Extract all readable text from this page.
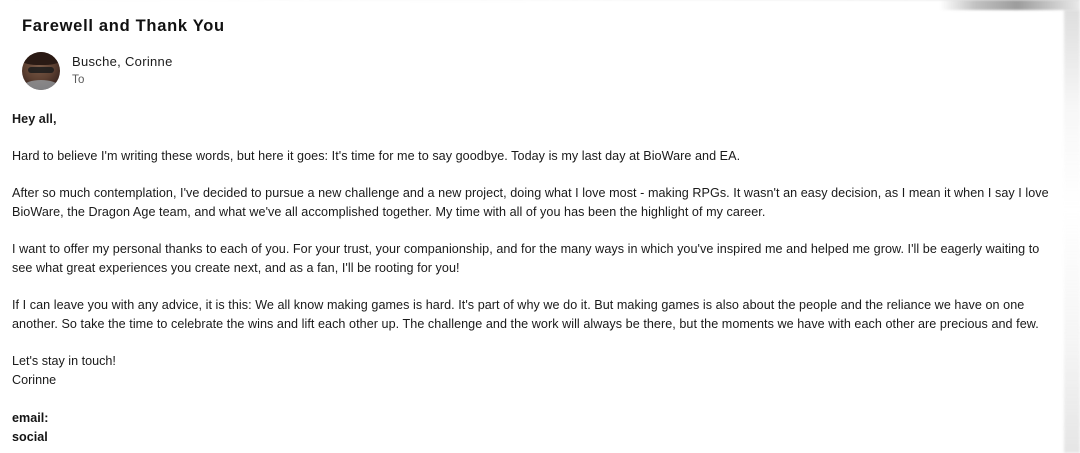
Farewell and Thank You
Busche, Corinne
To

Hey all,

Hard to believe I'm writing these words, but here it goes: It's time for me to say goodbye. Today is my last day at BioWare and EA.

After so much contemplation, I've decided to pursue a new challenge and a new project, doing what I love most - making RPGs. It wasn't an easy decision, as I mean it when I say I love BioWare, the Dragon Age team, and what we've all accomplished together. My time with all of you has been the highlight of my career.

I want to offer my personal thanks to each of you. For your trust, your companionship, and for the many ways in which you've inspired me and helped me grow. I'll be eagerly waiting to see what great experiences you create next, and as a fan, I'll be rooting for you!

If I can leave you with any advice, it is this: We all know making games is hard. It's part of why we do it. But making games is also about the people and the reliance we have on one another. So take the time to celebrate the wins and lift each other up. The challenge and the work will always be there, but the moments we have with each other are precious and few.

Let's stay in touch!
Corinne
email:
social
